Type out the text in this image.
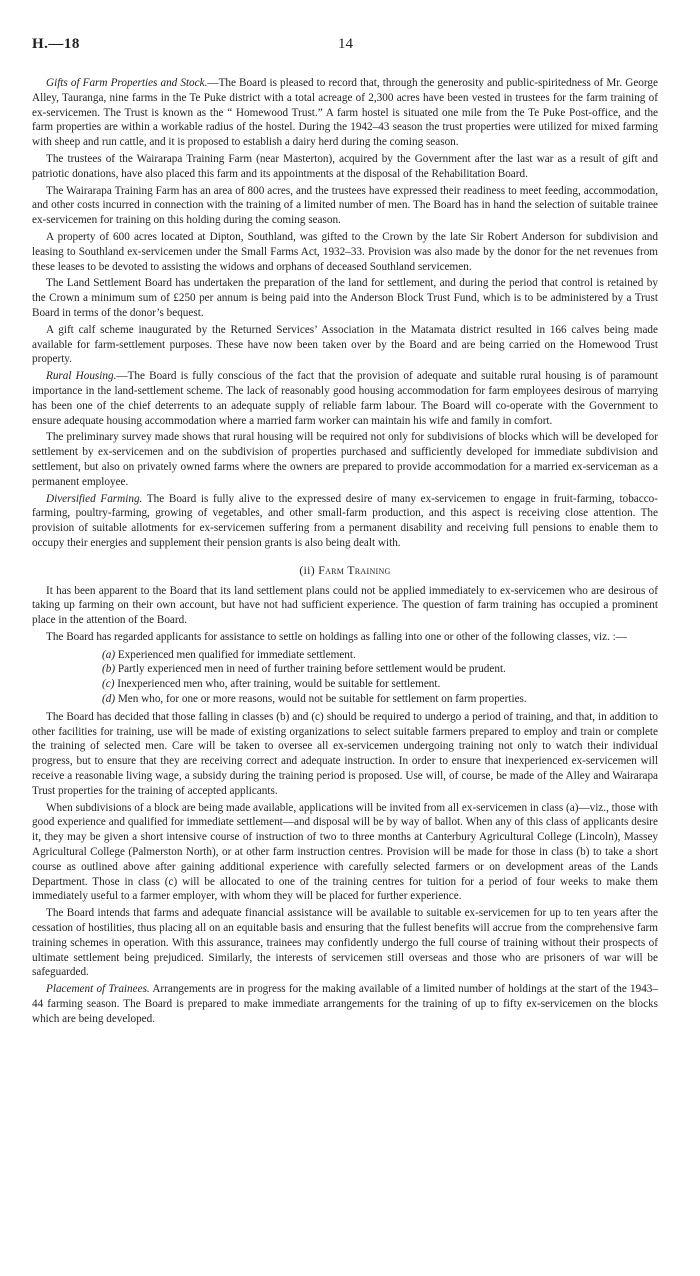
H.—18	14

Gifts of Farm Properties and Stock.—The Board is pleased to record that, through the generosity and public-spiritedness of Mr. George Alley, Tauranga, nine farms in the Te Puke district with a total acreage of 2,300 acres have been vested in trustees for the farm training of ex-servicemen. The Trust is known as the “ Homewood Trust.” A farm hostel is situated one mile from the Te Puke Post-office, and the farm properties are within a workable radius of the hostel. During the 1942–43 season the trust properties were utilized for mixed farming with sheep and run cattle, and it is proposed to establish a dairy herd during the coming season.

The trustees of the Wairarapa Training Farm (near Masterton), acquired by the Government after the last war as a result of gift and patriotic donations, have also placed this farm and its appointments at the disposal of the Rehabilitation Board.

The Wairarapa Training Farm has an area of 800 acres, and the trustees have expressed their readiness to meet feeding, accommodation, and other costs incurred in connection with the training of a limited number of men. The Board has in hand the selection of suitable trainee ex-servicemen for training on this holding during the coming season.

A property of 600 acres located at Dipton, Southland, was gifted to the Crown by the late Sir Robert Anderson for subdivision and leasing to Southland ex-servicemen under the Small Farms Act, 1932–33. Provision was also made by the donor for the net revenues from these leases to be devoted to assisting the widows and orphans of deceased Southland servicemen.

The Land Settlement Board has undertaken the preparation of the land for settlement, and during the period that control is retained by the Crown a minimum sum of £250 per annum is being paid into the Anderson Block Trust Fund, which is to be administered by a Trust Board in terms of the donor’s bequest.

A gift calf scheme inaugurated by the Returned Services’ Association in the Matamata district resulted in 166 calves being made available for farm-settlement purposes. These have now been taken over by the Board and are being carried on the Homewood Trust property.

Rural Housing.—The Board is fully conscious of the fact that the provision of adequate and suitable rural housing is of paramount importance in the land-settlement scheme. The lack of reasonably good housing accommodation for farm employees desirous of marrying has been one of the chief deterrents to an adequate supply of reliable farm labour. The Board will co-operate with the Government to ensure adequate housing accommodation where a married farm worker can maintain his wife and family in comfort.

The preliminary survey made shows that rural housing will be required not only for subdivisions of blocks which will be developed for settlement by ex-servicemen and on the subdivision of properties purchased and sufficiently developed for immediate subdivision and settlement, but also on privately owned farms where the owners are prepared to provide accommodation for a married ex-serviceman as a permanent employee.

Diversified Farming. The Board is fully alive to the expressed desire of many ex-servicemen to engage in fruit-farming, tobacco-farming, poultry-farming, growing of vegetables, and other small-farm production, and this aspect is receiving close attention. The provision of suitable allotments for ex-servicemen suffering from a permanent disability and receiving full pensions to enable them to occupy their energies and supplement their pension grants is also being dealt with.

(ii) Farm Training

It has been apparent to the Board that its land settlement plans could not be applied immediately to ex-servicemen who are desirous of taking up farming on their own account, but have not had sufficient experience. The question of farm training has occupied a prominent place in the attention of the Board.

The Board has regarded applicants for assistance to settle on holdings as falling into one or other of the following classes, viz. :—

(a) Experienced men qualified for immediate settlement.
(b) Partly experienced men in need of further training before settlement would be prudent.
(c) Inexperienced men who, after training, would be suitable for settlement.
(d) Men who, for one or more reasons, would not be suitable for settlement on farm properties.

The Board has decided that those falling in classes (b) and (c) should be required to undergo a period of training, and that, in addition to other facilities for training, use will be made of existing organizations to select suitable farmers prepared to employ and train or complete the training of selected men. Care will be taken to oversee all ex-servicemen undergoing training not only to watch their individual progress, but to ensure that they are receiving correct and adequate instruction. In order to ensure that inexperienced ex-servicemen will receive a reasonable living wage, a subsidy during the training period is proposed. Use will, of course, be made of the Alley and Wairarapa Trust properties for the training of accepted applicants.

When subdivisions of a block are being made available, applications will be invited from all ex-servicemen in class (a)—viz., those with good experience and qualified for immediate settlement—and disposal will be by way of ballot. When any of this class of applicants desire it, they may be given a short intensive course of instruction of two to three months at Canterbury Agricultural College (Lincoln), Massey Agricultural College (Palmerston North), or at other farm instruction centres. Provision will be made for those in class (b) to take a short course as outlined above after gaining additional experience with carefully selected farmers or on development areas of the Lands Department. Those in class (c) will be allocated to one of the training centres for tuition for a period of four weeks to make them immediately useful to a farmer employer, with whom they will be placed for further experience.

The Board intends that farms and adequate financial assistance will be available to suitable ex-servicemen for up to ten years after the cessation of hostilities, thus placing all on an equitable basis and ensuring that the fullest benefits will accrue from the comprehensive farm training schemes in operation. With this assurance, trainees may confidently undergo the full course of training without their prospects of ultimate settlement being prejudiced. Similarly, the interests of servicemen still overseas and those who are prisoners of war will be safeguarded.

Placement of Trainees. Arrangements are in progress for the making available of a limited number of holdings at the start of the 1943–44 farming season. The Board is prepared to make immediate arrangements for the training of up to fifty ex-servicemen on the blocks which are being developed.
